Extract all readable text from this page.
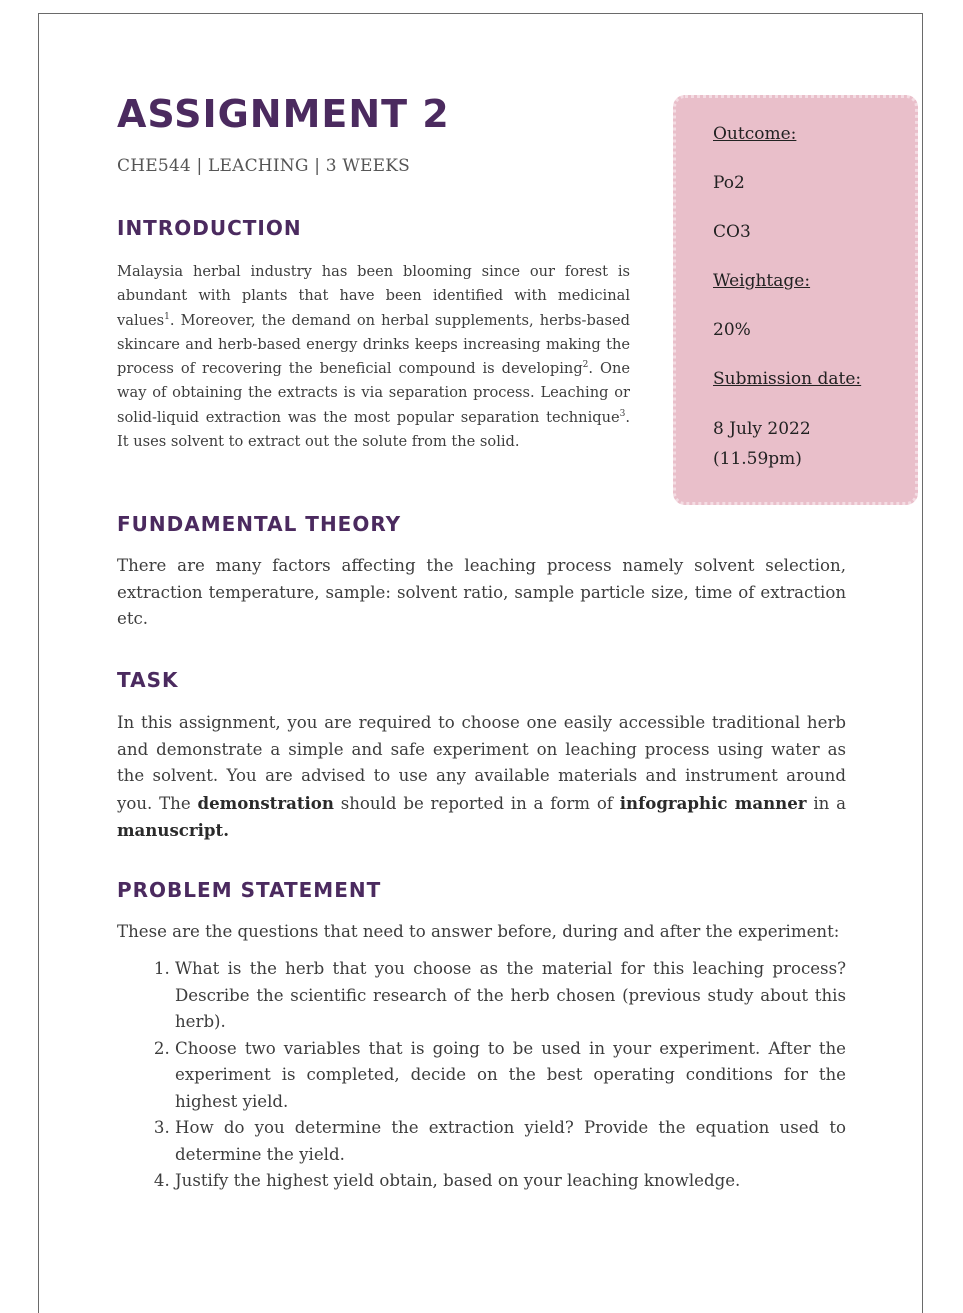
ASSIGNMENT 2
CHE544 | LEACHING | 3 WEEKS
Outcome:
Po2
CO3
Weightage:
20%
Submission date:
8 July 2022
(11.59pm)
INTRODUCTION

Malaysia herbal industry has been blooming since our forest is abundant with plants that have been identified with medicinal values$^1$. Moreover, the demand on herbal supplements, herbs-based skincare and herb-based energy drinks keeps increasing making the process of recovering the beneficial compound is developing$^2$. One way of obtaining the extracts is via separation process. Leaching or solid-liquid extraction was the most popular separation technique$^3$. It uses solvent to extract out the solute from the solid.

FUNDAMENTAL THEORY

There are many factors affecting the leaching process namely solvent selection, extraction temperature, sample: solvent ratio, sample particle size, time of extraction etc.

TASK

In this assignment, you are required to choose one easily accessible traditional herb and demonstrate a simple and safe experiment on leaching process using water as the solvent. You are advised to use any available materials and instrument around you. The demonstration should be reported in a form of infographic manner in a manuscript.

PROBLEM STATEMENT

These are the questions that need to answer before, during and after the experiment:

1. What is the herb that you choose as the material for this leaching process? Describe the scientific research of the herb chosen (previous study about this herb).
2. Choose two variables that is going to be used in your experiment. After the experiment is completed, decide on the best operating conditions for the highest yield.
3. How do you determine the extraction yield? Provide the equation used to determine the yield.
4. Justify the highest yield obtain, based on your leaching knowledge.
